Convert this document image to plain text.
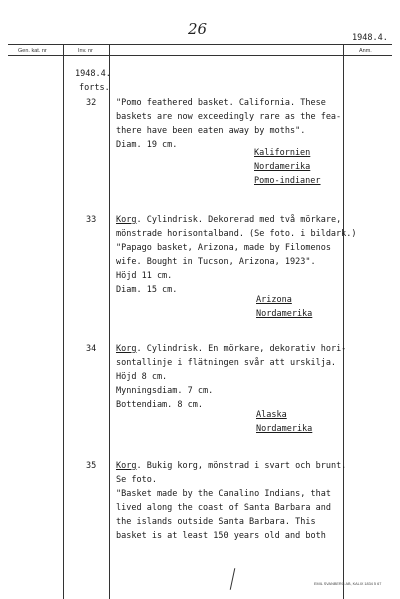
26	1948.4.
Gen. kat. nr	Inv. nr	Anm.
1948.4.
forts.
32 "Pomo feathered basket. California. These
baskets are now exceedingly rare as the fea-
there have been eaten away by moths".
Diam. 19 cm.
Kalifornien
Nordamerika
Pomo-indianer
33 Korg. Cylindrisk. Dekorerad med två mörkare,
mönstrade horisontalband. (Se foto. i bildark.)
"Papago basket, Arizona, made by Filomenos
wife. Bought in Tucson, Arizona, 1923".
Höjd 11 cm.
Diam. 15 cm.
Arizona
Nordamerika
34 Korg. Cylindrisk. En mörkare, dekorativ hori-
sontallinje i flätningen svår att urskilja.
Höjd 8 cm.
Mynningsdiam. 7 cm.
Bottendiam. 8 cm.
Alaska
Nordamerika
35 Korg. Bukig korg, mönstrad i svart och brunt.
Se foto.
"Basket made by the Canalino Indians, that
lived along the coast of Santa Barbara and
the islands outside Santa Barbara. This
basket is at least 150 years old and both
EMIL SVANBERG AB, KALIX 1834 5 67
